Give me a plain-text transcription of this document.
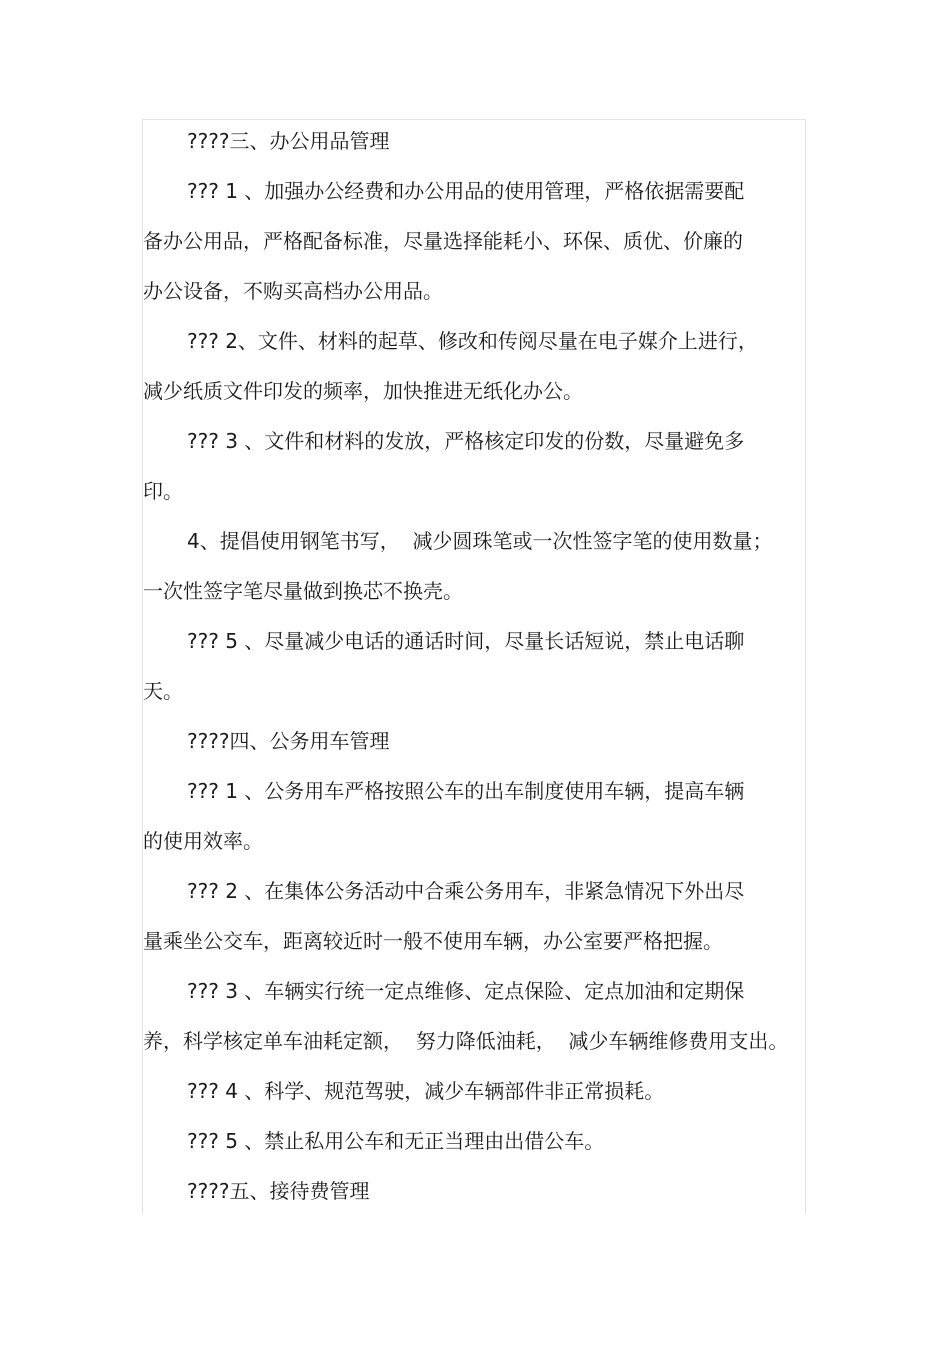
????三、办公用品管理
??? 1 、加强办公经费和办公用品的使用管理，严格依据需要配
备办公用品，严格配备标准，尽量选择能耗小、环保、质优、价廉的
办公设备，不购买高档办公用品。
??? 2、文件、材料的起草、修改和传阅尽量在电子媒介上进行，
减少纸质文件印发的频率，加快推进无纸化办公。
??? 3 、文件和材料的发放，严格核定印发的份数，尽量避免多
印。
4、提倡使用钢笔书写，  减少圆珠笔或一次性签字笔的使用数量；
一次性签字笔尽量做到换芯不换壳。
??? 5 、尽量减少电话的通话时间，尽量长话短说，禁止电话聊
天。
????四、公务用车管理
??? 1 、公务用车严格按照公车的出车制度使用车辆，提高车辆
的使用效率。
??? 2 、在集体公务活动中合乘公务用车，非紧急情况下外出尽
量乘坐公交车，距离较近时一般不使用车辆，办公室要严格把握。
??? 3 、车辆实行统一定点维修、定点保险、定点加油和定期保
养，科学核定单车油耗定额，  努力降低油耗，  减少车辆维修费用支出。
??? 4 、科学、规范驾驶，减少车辆部件非正常损耗。
??? 5 、禁止私用公车和无正当理由出借公车。
????五、接待费管理
